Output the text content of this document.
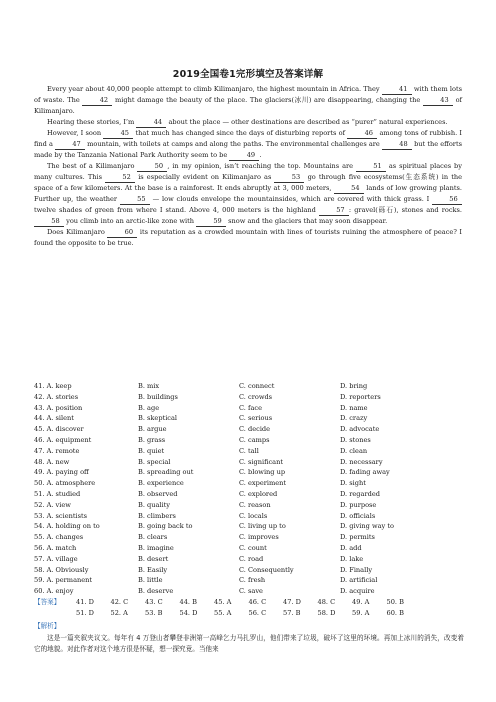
2019全国卷1完形填空及答案详解

Every year about 40,000 people attempt to climb Kilimanjaro, the highest mountain in Africa. They	41 with them lots of waste. The	42 might damage the beauty of the place. The glaciers(冰川) are disappearing, changing the	43 of Kilimanjaro.

Hearing these stories, I’m	44 about the place — other destinations are described as “purer” natural experiences.

However, I soon	45 that much has changed since the days of disturbing reports of	46 among tons of rubbish. I find a	47 mountain, with toilets at camps and along the paths. The environmental challenges are	48 but the efforts made by the Tanzania National Park Authority seem to be	49 .

The best of a Kilimanjaro	50 , in my opinion, isn’t reaching the top. Mountains are	51 as spiritual places by many cultures. This	52 is especially evident on Kilimanjaro as	53 go through five ecosystems(生态系统) in the space of a few kilometers. At the base is a rainforest. It ends abruptly at 3, 000 meters,	54 lands of low growing plants. Further up, the weather	55 — low clouds envelope the mountainsides, which are covered with thick grass. I	56 twelve shades of green from where I stand. Above 4, 000 meters is the highland	57 : gravel(砾石), stones and rocks. 58 you climb into an arctic-like zone with	59 snow and the glaciers that may soon disappear.

Does Kilimanjaro	60 its reputation as a crowded mountain with lines of tourists ruining the atmosphere of peace? I found the opposite to be true.

41. A. keep	B. mix	C. connect	D. bring
42. A. stories	B. buildings	C. crowds	D. reporters
43. A. position	B. age	C. face	D. name
44. A. silent	B. skeptical	C. serious	D. crazy
45. A. discover	B. argue	C. decide	D. advocate
46. A. equipment	B. grass	C. camps	D. stones
47. A. remote	B. quiet	C. tall	D. clean
48. A. new	B. special	C. significant	D. necessary
49. A. paying off	B. spreading out	C. blowing up	D. fading away
50. A. atmosphere	B. experience	C. experiment	D. sight
51. A. studied	B. observed	C. explored	D. regarded
52. A. view	B. quality	C. reason	D. purpose
53. A. scientists	B. climbers	C. locals	D. officials
54. A. holding on to	B. going back to	C. living up to	D. giving way to
55. A. changes	B. clears	C. improves	D. permits
56. A. match	B. imagine	C. count	D. add
57. A. village	B. desert	C. road	D. lake
58. A. Obviously	B. Easily	C. Consequently	D. Finally
59. A. permanent	B. little	C. fresh	D. artificial
60. A. enjoy	B. deserve	C. save	D. acquire
【答案】	41. D	42. C	43. C	44. B	45. A	46. C	47. D	48. C	49. A	50. B
51. D	52. A	53. B	54. D	55. A	56. C	57. B	58. D	59. A	60. B
【解析】
这是一篇夹叙夹议文。每年有 4 万登山者攀登非洲第一高峰乞力马扎罗山，他们带来了垃圾，破坏了这里的环境。再加上冰川的消失，改变着它的地貌。对此作者对这个地方很是怀疑，想一探究竟。当他来
